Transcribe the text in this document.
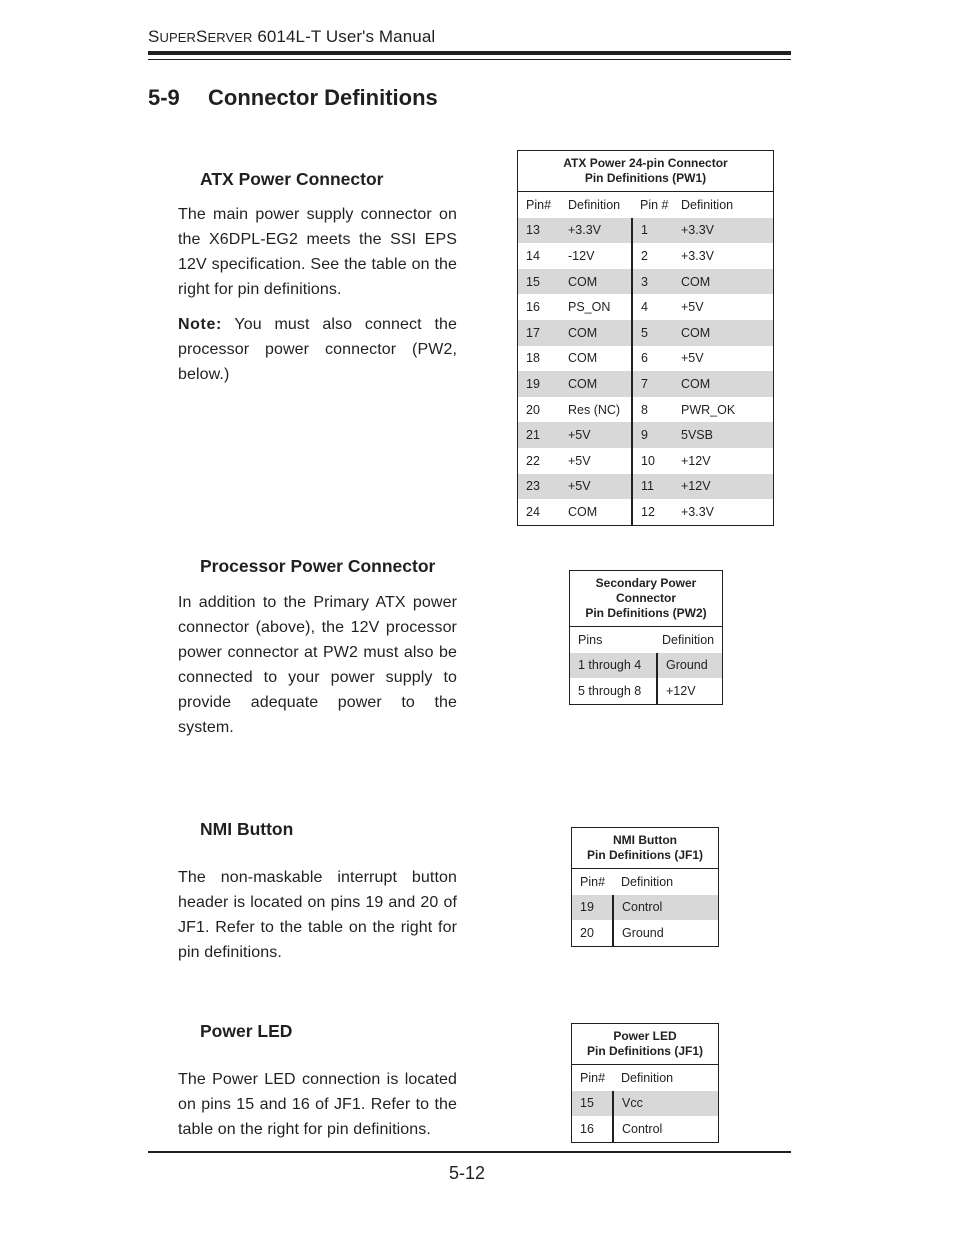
SUPERSERVER 6014L-T User's Manual
5-9 Connector Definitions
ATX Power Connector
The main power supply connector on the X6DPL-EG2 meets the SSI EPS 12V specification. See the table on the right for pin definitions.
Note: You must also connect the processor power connector (PW2, below.)
ATX Power 24-pin Connector
Pin Definitions (PW1)			
Pin#	Definition	Pin #	Definition
13	+3.3V	1	+3.3V
14	-12V	2	+3.3V
15	COM	3	COM
16	PS_ON	4	+5V
17	COM	5	COM
18	COM	6	+5V
19	COM	7	COM
20	Res (NC)	8	PWR_OK
21	+5V	9	5VSB
22	+5V	10	+12V
23	+5V	11	+12V
24	COM	12	+3.3V
Processor Power Connector
In addition to the Primary ATX power connector (above), the 12V processor power connector at PW2 must also be connected to your power supply to provide adequate power to the system.
Secondary Power
Connector
Pin Definitions (PW2)	
Pins	Definition
1 through 4	Ground
5 through 8	+12V
NMI Button
The non-maskable interrupt button header is located on pins 19 and 20 of JF1. Refer to the table on the right for pin definitions.
NMI Button
Pin Definitions (JF1)	
Pin#	Definition
19	Control
20	Ground
Power LED
The Power LED connection is located on pins 15 and 16 of JF1. Refer to the table on the right for pin definitions.
Power LED
Pin Definitions (JF1)	
Pin#	Definition
15	Vcc
16	Control
5-12
